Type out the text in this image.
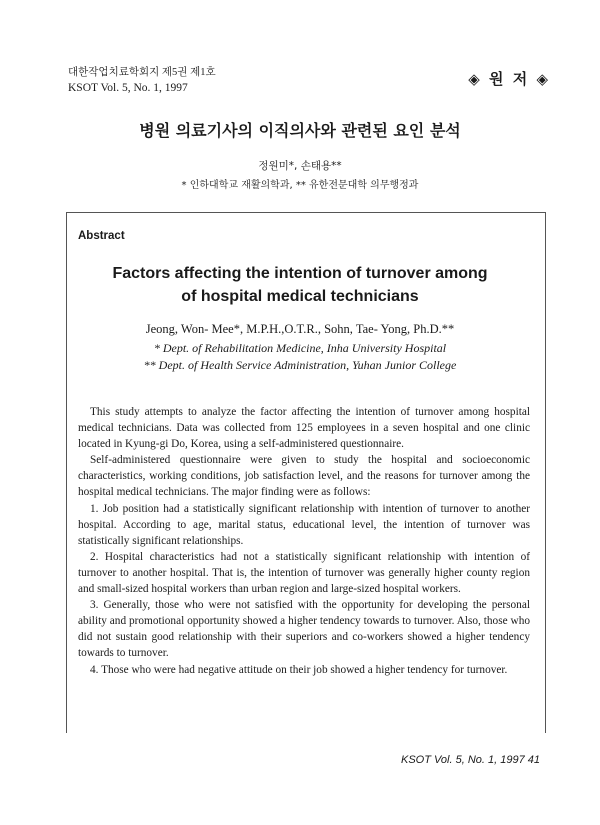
대한작업치료학회지 제5권 제1호
KSOT Vol. 5, No. 1, 1997	◈ 원 저 ◈
병원 의료기사의 이직의사와 관련된 요인 분석
정원미*, 손태용**
* 인하대학교 재활의학과, ** 유한전문대학 의무행정과
Abstract
Factors affecting the intention of turnover among
of hospital medical technicians
Jeong, Won- Mee*, M.P.H.,O.T.R., Sohn, Tae- Yong, Ph.D.**
* Dept. of Rehabilitation Medicine, Inha University Hospital
** Dept. of Health Service Administration, Yuhan Junior College

This study attempts to analyze the factor affecting the intention of turnover among hospital medical technicians. Data was collected from 125 employees in a seven hospital and one clinic located in Kyung-gi Do, Korea, using a self-administered questionnaire.

Self-administered questionnaire were given to study the hospital and socioeconomic characteristics, working conditions, job satisfaction level, and the reasons for turnover among the hospital medical technicians. The major finding were as follows:

1. Job position had a statistically significant relationship with intention of turnover to another hospital. According to age, marital status, educational level, the intention of turnover was statistically significant relationships.

2. Hospital characteristics had not a statistically significant relationship with intention of turnover to another hospital. That is, the intention of turnover was generally higher county region and small-sized hospital workers than urban region and large-sized hospital workers.

3. Generally, those who were not satisfied with the opportunity for developing the personal ability and promotional opportunity showed a higher tendency towards to turnover. Also, those who did not sustain good relationship with their superiors and co-workers showed a higher tendency towards to turnover.

4. Those who were had negative attitude on their job showed a higher tendency for turnover.

KSOT Vol. 5, No. 1, 1997 41
